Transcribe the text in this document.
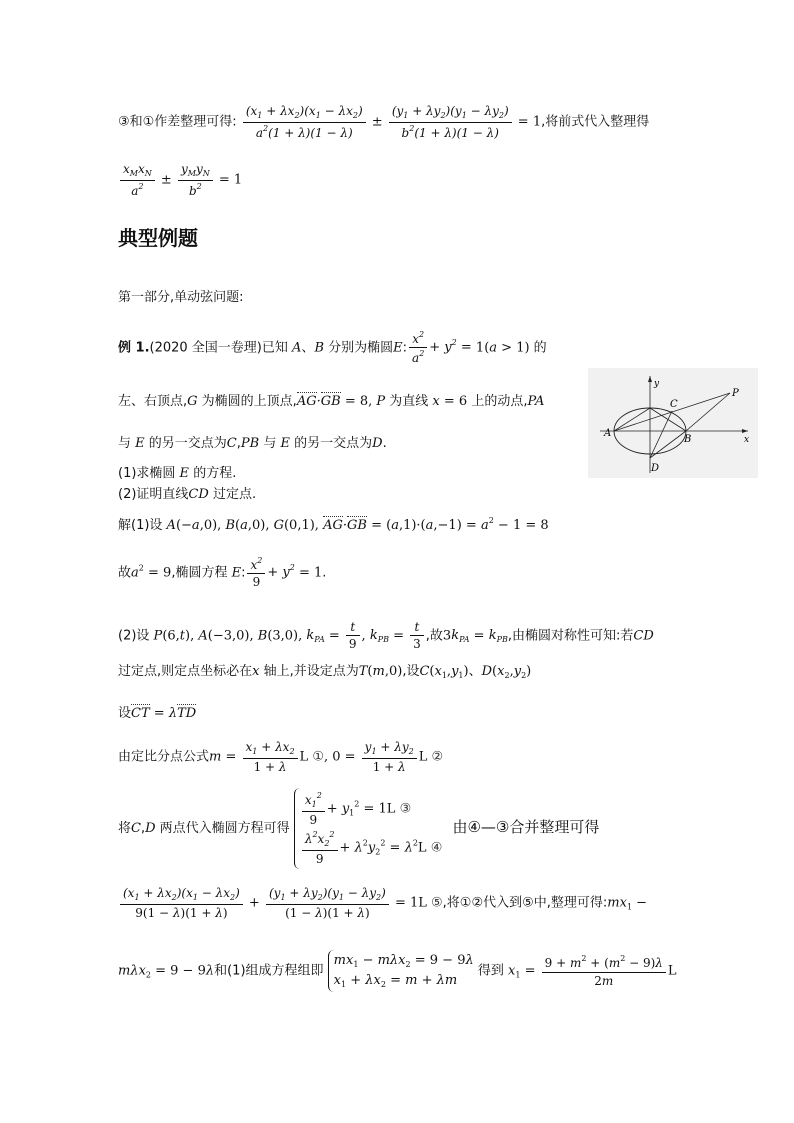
③和①作差整理可得: $\frac{(x_1 + \lambda x_2)(x_1 - \lambda x_2)}{a^2(1 + \lambda)(1 - \lambda)} \pm \frac{(y_1 + \lambda y_2)(y_1 - \lambda y_2)}{b^2(1 + \lambda)(1 - \lambda)} = 1$,将前式代入整理得
$\frac{x_Mx_N}{a^2} \pm \frac{y_My_N}{b^2} = 1$
典型例题
第一部分,单动弦问题:
例 1.(2020 全国一卷理)已知 A、B 分别为椭圆E: $\frac{x^2}{a^2} + y^2 = 1(a > 1)$ 的
左、右顶点,G 为椭圆的上顶点,AG·GB = 8, P 为直线 x = 6 上的动点,PA
与 E 的另一交点为C,PB 与 E 的另一交点为D.
(1)求椭圆 E 的方程.
(2)证明直线CD 过定点.
y
P
C
A
B	x
D
解(1)设 A(−a,0), B(a,0), G(0,1), $AG\cdot GB = (a,1)\cdot(a,-1) = a^2 - 1 = 8$
故$a^2 = 9$,椭圆方程 E: $\frac{x^2}{9} + y^2 = 1$.
(2)设 P(6,t), A(−3,0), B(3,0), $k_{PA} = \frac{t}{9}$ , $k_{PB} = \frac{t}{3}$ ,故$3k_{PA} = k_{PB}$,由椭圆对称性可知:若CD
过定点,则定点坐标必在x 轴上,并设定点为T(m,0),设$C(x_1,y_1)$、$D(x_2,y_2)$
设CT = λTD
由定比分点公式$m = \frac{x_1 + \lambda x_2}{1 + \lambda}$ L ①, $0 = \frac{y_1 + \lambda y_2}{1 + \lambda}$ L ②
将C,D 两点代入椭圆方程可得
$\frac{x_1^2}{9} + y_1^2 = 1L$ ③
$\frac{\lambda^2x_2^2}{9} + \lambda^2y_2^2 = \lambda^2L$ ④
由④—③合并整理可得
$\frac{(x_1 + \lambda x_2)(x_1 - \lambda x_2)}{9(1 - \lambda)(1 + \lambda)} + \frac{(y_1 + \lambda y_2)(y_1 - \lambda y_2)}{(1 - \lambda)(1 + \lambda)} = 1L$ ⑤,将①②代入到⑤中,整理可得$:mx_1$ −
mλx$_2$ = 9 − 9λ和(1)组成方程组即
$mx_1 - m\lambda x_2 = 9 - 9\lambda$
$x_1 + \lambda x_2 = m + \lambda m$
得到 $x_1 = \frac{9 + m^2 + (m^2 - 9)\lambda}{2m}$ L
